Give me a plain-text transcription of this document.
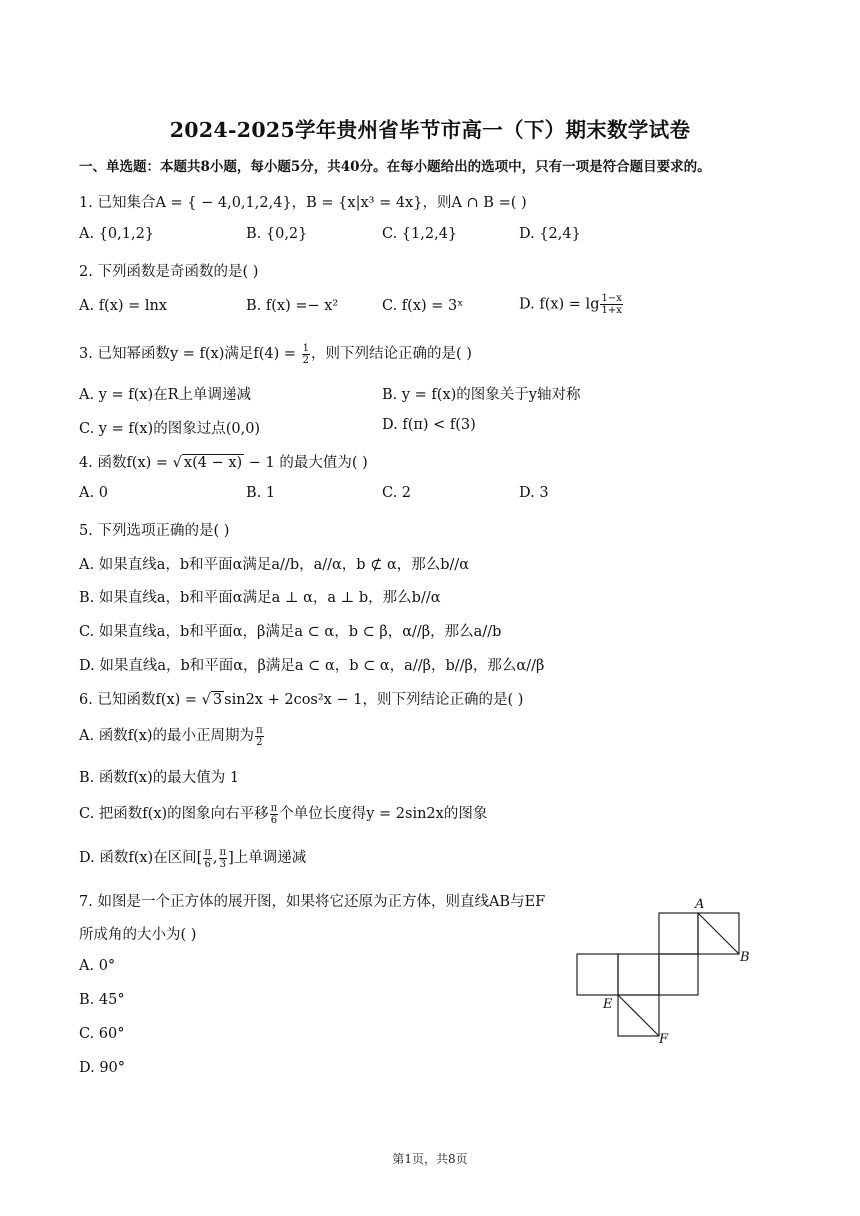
2024-2025学年贵州省毕节市高一（下）期末数学试卷
一、单选题：本题共8小题，每小题5分，共40分。在每小题给出的选项中，只有一项是符合题目要求的。
1. 已知集合A = { − 4,0,1,2,4}，B = {x|x³ = 4x}，则A ∩ B =( )
A. {0,1,2}	B. {0,2}	C. {1,2,4}	D. {2,4}
2. 下列函数是奇函数的是( )
A. f(x) = lnx	B. f(x) =− x²	C. f(x) = 3ˣ	D. $f(x) = \lg \frac{1-x}{1+x}$
3. 已知幂函数y = f(x)满足$f(4) = \frac{1}{2}$ ，则下列结论正确的是( )
A. y = f(x)在R上单调递减	B. y = f(x)的图象关于y轴对称
C. y = f(x)的图象过点(0,0)	D. f(π) < f(3)
4. 函数f(x) = √ x(4 − x) − 1 的最大值为( )
A. 0	B. 1	C. 2	D. 3
5. 下列选项正确的是( )
A. 如果直线a，b和平面α满足a//b，a//α，b ⊄ α，那么b//α
B. 如果直线a，b和平面α满足a ⊥ α，a ⊥ b，那么b//α
C. 如果直线a，b和平面α，β满足a ⊂ α，b ⊂ β，α//β，那么a//b
D. 如果直线a，b和平面α，β满足a ⊂ α，b ⊂ α，a//β，b//β，那么α//β
6. 已知函数f(x) = √ 3 sin2x + 2cos²x − 1，则下列结论正确的是( )
A. 函数f(x)的最小正周期为 $\frac{\pi}{2}$
B. 函数f(x)的最大值为 1
C. 把函数f(x)的图象向右平移 $\frac{\pi}{6}$ 个单位长度得y = 2sin2x的图象
D. 函数f(x)在区间[ $\frac{\pi}{6}$ , $\frac{\pi}{3}$ ]上单调递减
7. 如图是一个正方体的展开图，如果将它还原为正方体，则直线AB与EF
所成角的大小为( )
A. 0°
B. 45°
C. 60°
D. 90°
A
B
E
F
第1页，共8页
